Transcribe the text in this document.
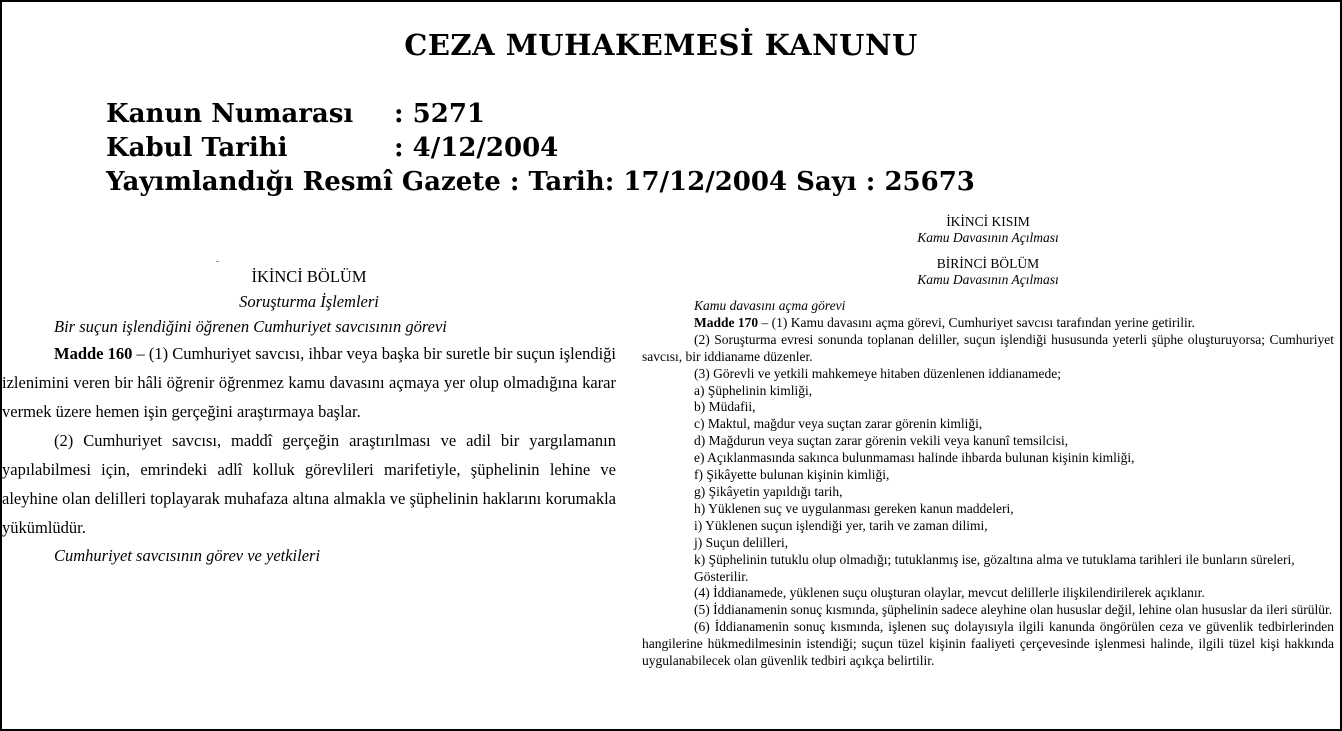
CEZA MUHAKEMESİ KANUNU
Kanun Numarası : 5271
Kabul Tarihi	: 4/12/2004
Yayımlandığı Resmî Gazete : Tarih: 17/12/2004 Sayı : 25673
İKİNCİ BÖLÜM
Soruşturma İşlemleri
Bir suçun işlendiğini öğrenen Cumhuriyet savcısının görevi
Madde 160 – (1) Cumhuriyet savcısı, ihbar veya başka bir suretle bir suçun işlendiği izlenimini veren bir hâli öğrenir öğrenmez kamu davasını açmaya yer olup olmadığına karar vermek üzere hemen işin gerçeğini araştırmaya başlar.
(2) Cumhuriyet savcısı, maddî gerçeğin araştırılması ve adil bir yargılamanın yapılabilmesi için, emrindeki adlî kolluk görevlileri marifetiyle, şüphelinin lehine ve aleyhine olan delilleri toplayarak muhafaza altına almakla ve şüphelinin haklarını korumakla yükümlüdür.
Cumhuriyet savcısının görev ve yetkileri
İKİNCİ KISIM
Kamu Davasının Açılması
BİRİNCİ BÖLÜM
Kamu Davasının Açılması
Kamu davasını açma görevi
Madde 170 – (1) Kamu davasını açma görevi, Cumhuriyet savcısı tarafından yerine getirilir.
(2) Soruşturma evresi sonunda toplanan deliller, suçun işlendiği hususunda yeterli şüphe oluşturuyorsa; Cumhuriyet savcısı, bir iddianame düzenler.
(3) Görevli ve yetkili mahkemeye hitaben düzenlenen iddianamede;
a) Şüphelinin kimliği,
b) Müdafii,
c) Maktul, mağdur veya suçtan zarar görenin kimliği,
d) Mağdurun veya suçtan zarar görenin vekili veya kanunî temsilcisi,
e) Açıklanmasında sakınca bulunmaması halinde ihbarda bulunan kişinin kimliği,
f) Şikâyette bulunan kişinin kimliği,
g) Şikâyetin yapıldığı tarih,
h) Yüklenen suç ve uygulanması gereken kanun maddeleri,
i) Yüklenen suçun işlendiği yer, tarih ve zaman dilimi,
j) Suçun delilleri,
k) Şüphelinin tutuklu olup olmadığı; tutuklanmış ise, gözaltına alma ve tutuklama tarihleri ile bunların süreleri,
Gösterilir.
(4) İddianamede, yüklenen suçu oluşturan olaylar, mevcut delillerle ilişkilendirilerek açıklanır.
(5) İddianamenin sonuç kısmında, şüphelinin sadece aleyhine olan hususlar değil, lehine olan hususlar da ileri sürülür.
(6) İddianamenin sonuç kısmında, işlenen suç dolayısıyla ilgili kanunda öngörülen ceza ve güvenlik tedbirlerinden hangilerine hükmedilmesinin istendiği; suçun tüzel kişinin faaliyeti çerçevesinde işlenmesi halinde, ilgili tüzel kişi hakkında uygulanabilecek olan güvenlik tedbiri açıkça belirtilir.
